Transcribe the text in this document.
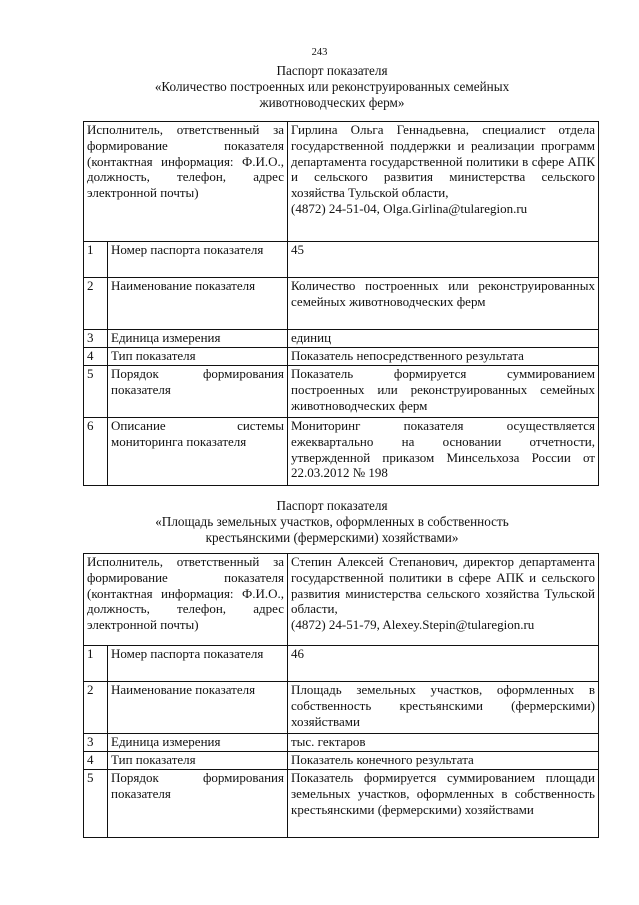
243
Паспорт показателя
«Количество построенных или реконструированных семейных
животноводческих ферм»
Исполнитель, ответственный за формирование показателя (контактная информация: Ф.И.О., должность, телефон, адрес электронной почты)		Гирлина Ольга Геннадьевна, специалист отдела государственной поддержки и реализации программ департамента государственной политики в сфере АПК и сельского развития министерства сельского хозяйства Тульской области,
(4872) 24-51-04, Olga.Girlina@tularegion.ru

1	Номер паспорта показателя	45
2	Наименование показателя	Количество построенных или реконструированных семейных животноводческих ферм
3	Единица измерения	единиц
4	Тип показателя	Показатель непосредственного результата
5	Порядок формирования показателя	Показатель формируется суммированием построенных или реконструированных семейных животноводческих ферм
6	Описание системы мониторинга показателя	Мониторинг показателя осуществляется ежеквартально на основании отчетности, утвержденной приказом Минсельхоза России от 22.03.2012 № 198
Паспорт показателя
«Площадь земельных участков, оформленных в собственность
крестьянскими (фермерскими) хозяйствами»
Исполнитель, ответственный за формирование показателя (контактная информация: Ф.И.О., должность, телефон, адрес электронной почты)		Степин Алексей Степанович, директор департамента государственной политики в сфере АПК и сельского развития министерства сельского хозяйства Тульской области,
(4872) 24-51-79, Alexey.Stepin@tularegion.ru

1	Номер паспорта показателя	46
2	Наименование показателя	Площадь земельных участков, оформленных в собственность крестьянскими (фермерскими) хозяйствами
3	Единица измерения	тыс. гектаров
4	Тип показателя	Показатель конечного результата
5	Порядок формирования показателя	Показатель формируется суммированием площади земельных участков, оформленных в собственность крестьянскими (фермерскими) хозяйствами
